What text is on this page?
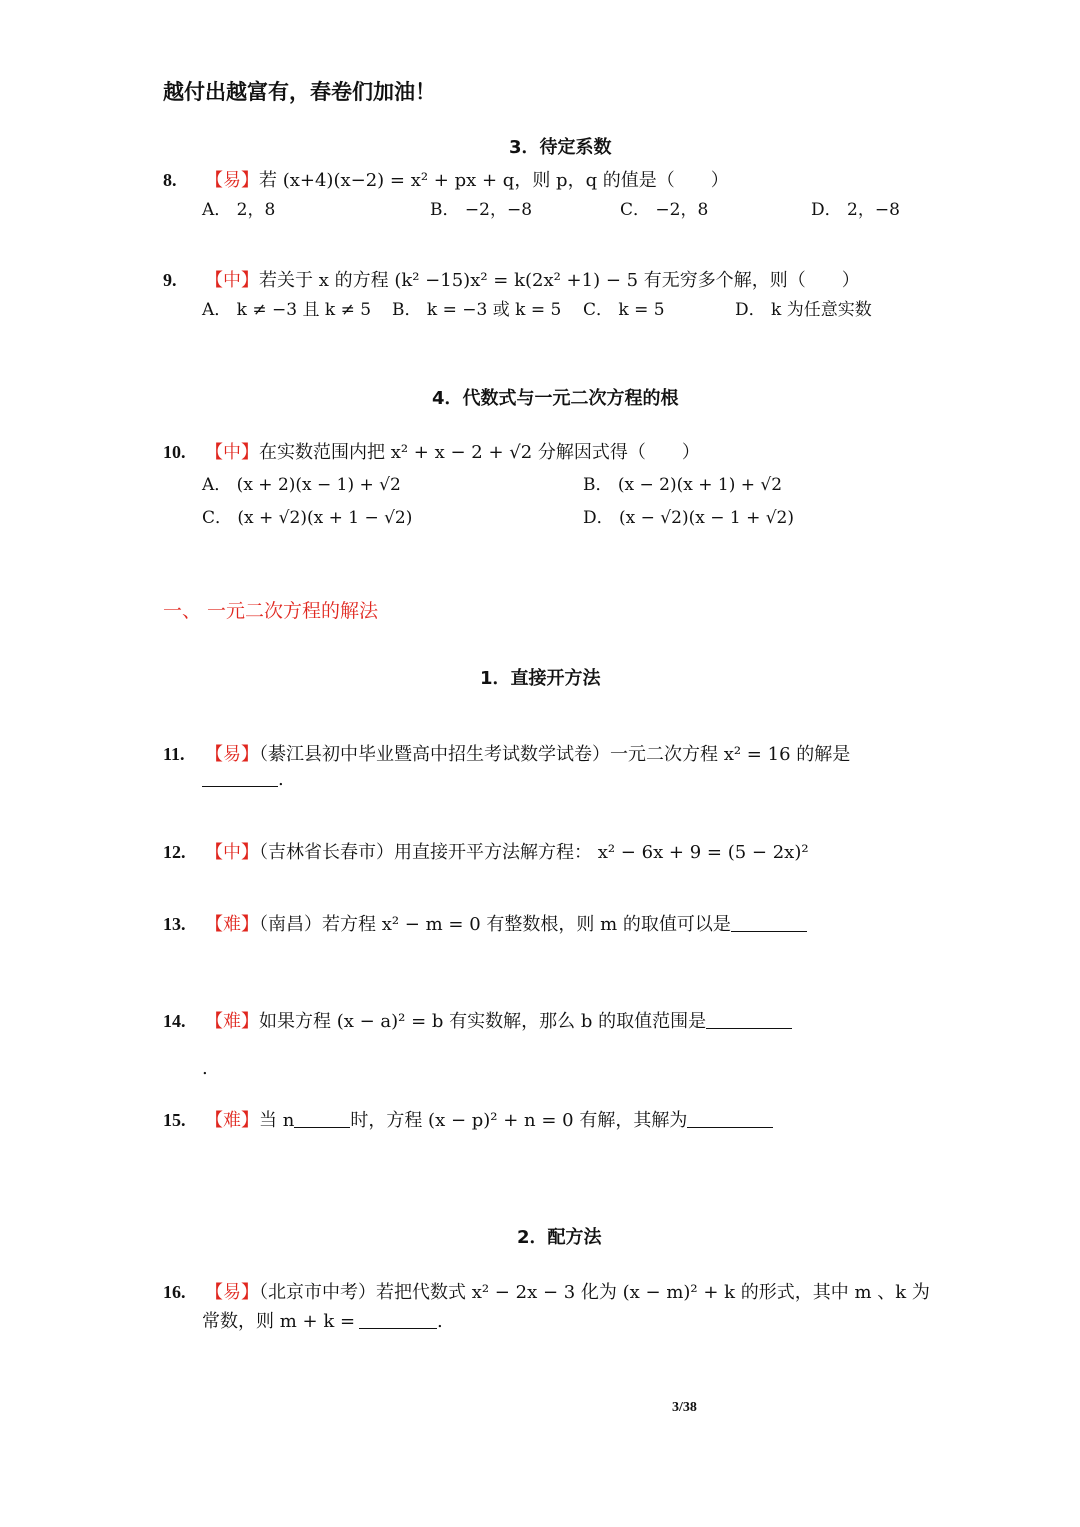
越付出越富有，春卷们加油！
3．待定系数
8. 【易】若 (x+4)(x−2) = x² + px + q，则 p，q 的值是（　　）
A． 2，8	B． −2，−8	C． −2，8	D． 2，−8
9. 【中】若关于 x 的方程 (k² −15)x² = k(2x² +1) − 5 有无穷多个解，则（　　）
A． k ≠ −3 且 k ≠ 5 B． k = −3 或 k = 5 C． k = 5	D． k 为任意实数
4．代数式与一元二次方程的根
10. 【中】在实数范围内把 x² + x − 2 + √2 分解因式得（　　）
A． (x + 2)(x − 1) + √2	B． (x − 2)(x + 1) + √2
C． (x + √2)(x + 1 − √2)	D． (x − √2)(x − 1 + √2)
一、 一元二次方程的解法
1．直接开方法
11. 【易】（綦江县初中毕业暨高中招生考试数学试卷）一元二次方程 x² = 16 的解是
.
12. 【中】（吉林省长春市）用直接开平方法解方程： x² − 6x + 9 = (5 − 2x)²
13. 【难】（南昌）若方程 x² − m = 0 有整数根，则 m 的取值可以是
14. 【难】如果方程 (x − a)² = b 有实数解，那么 b 的取值范围是
.
15. 【难】当 n	时，方程 (x − p)² + n = 0 有解，其解为
2．配方法
16. 【易】（北京市中考）若把代数式 x² − 2x − 3 化为 (x − m)² + k 的形式，其中 m 、k 为
常数，则 m + k =	.
3/38
